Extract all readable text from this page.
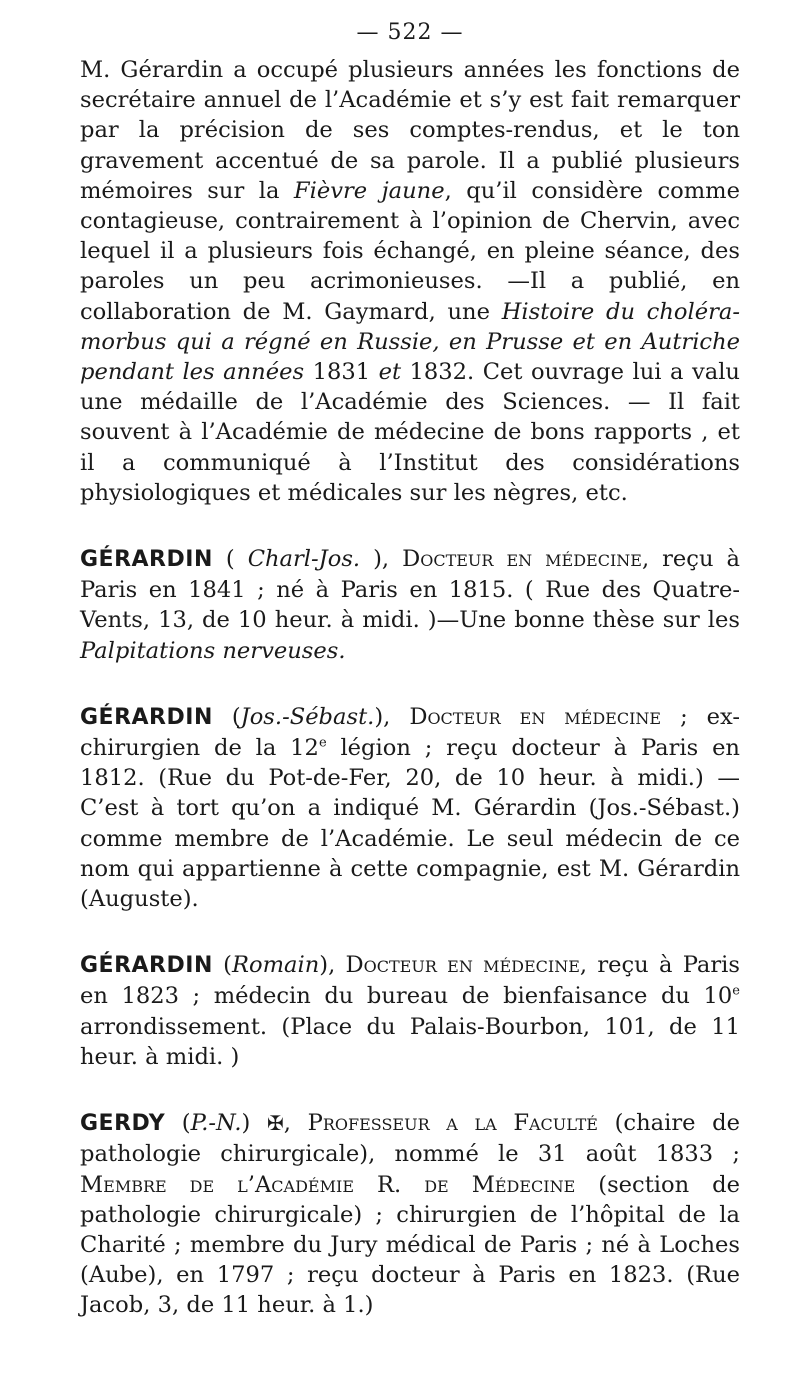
— 522 —

M. Gérardin a occupé plusieurs années les fonctions de secrétaire annuel de l’Académie et s’y est fait remarquer par la précision de ses comptes-rendus, et le ton gravement accentué de sa parole. Il a publié plusieurs mémoires sur la Fièvre jaune, qu’il considère comme contagieuse, contrairement à l’opinion de Chervin, avec lequel il a plusieurs fois échangé, en pleine séance, des paroles un peu acrimonieuses. —Il a publié, en collaboration de M. Gaymard, une Histoire du choléra-morbus qui a régné en Russie, en Prusse et en Autriche pendant les années 1831 et 1832. Cet ouvrage lui a valu une médaille de l’Académie des Sciences. — Il fait souvent à l’Académie de médecine de bons rapports , et il a communiqué à l’Institut des considérations physiologiques et médicales sur les nègres, etc.

GÉRARDIN ( Charl-Jos. ), Docteur en médecine, reçu à Paris en 1841 ; né à Paris en 1815. ( Rue des Quatre-Vents, 13, de 10 heur. à midi. )—Une bonne thèse sur les Palpitations nerveuses.

GÉRARDIN (Jos.-Sébast.), Docteur en médecine ; ex-chirurgien de la 12e légion ; reçu docteur à Paris en 1812. (Rue du Pot-de-Fer, 20, de 10 heur. à midi.) — C’est à tort qu’on a indiqué M. Gérardin (Jos.-Sébast.) comme membre de l’Académie. Le seul médecin de ce nom qui appartienne à cette compagnie, est M. Gérardin (Auguste).

GÉRARDIN (Romain), Docteur en médecine, reçu à Paris en 1823 ; médecin du bureau de bienfaisance du 10e arrondissement. (Place du Palais-Bourbon, 101, de 11 heur. à midi. )

GERDY (P.-N.) ✠, Professeur a la Faculté (chaire de pathologie chirurgicale), nommé le 31 août 1833 ; Membre de l’Académie R. de Médecine (section de pathologie chirurgicale) ; chirurgien de l’hôpital de la Charité ; membre du Jury médical de Paris ; né à Loches (Aube), en 1797 ; reçu docteur à Paris en 1823. (Rue Jacob, 3, de 11 heur. à 1.)
